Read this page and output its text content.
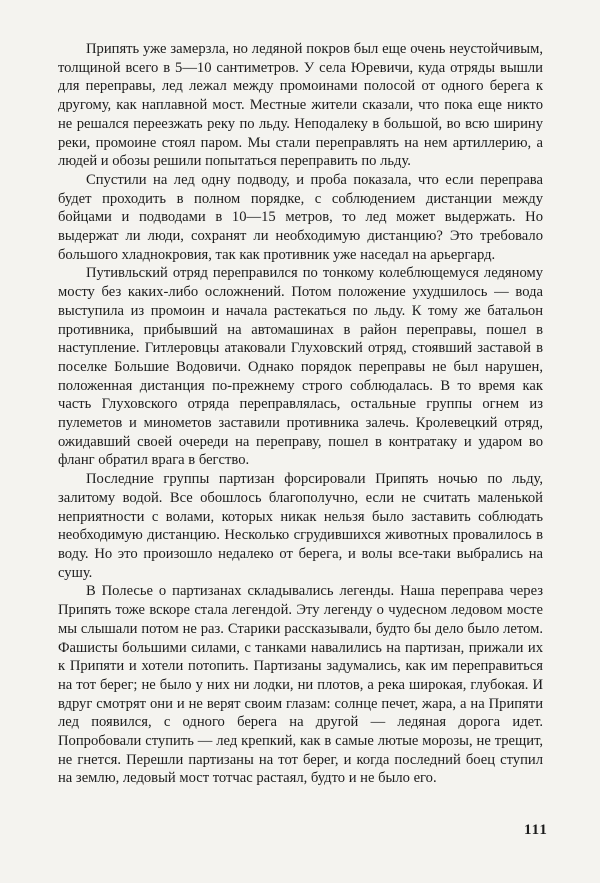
Припять уже замерзла, но ледяной покров был еще очень неустойчивым, толщиной всего в 5—10 сантиметров. У села Юревичи, куда отряды вышли для переправы, лед лежал между промоинами полосой от одного берега к другому, как наплавной мост. Местные жители сказали, что пока еще никто не решался переезжать реку по льду. Неподалеку в большой, во всю ширину реки, промоине стоял паром. Мы стали переправлять на нем артиллерию, а людей и обозы решили попытаться переправить по льду.

Спустили на лед одну подводу, и проба показала, что если переправа будет проходить в полном порядке, с соблюдением дистанции между бойцами и подводами в 10—15 метров, то лед может выдержать. Но выдержат ли люди, сохранят ли необходимую дистанцию? Это требовало большого хладнокровия, так как противник уже наседал на арьергард.

Путивльский отряд переправился по тонкому колеблющемуся ледяному мосту без каких-либо осложнений. Потом положение ухудшилось — вода выступила из промоин и начала растекаться по льду. К тому же батальон противника, прибывший на автомашинах в район переправы, пошел в наступление. Гитлеровцы атаковали Глуховский отряд, стоявший заставой в поселке Большие Водовичи. Однако порядок переправы не был нарушен, положенная дистанция по-прежнему строго соблюдалась. В то время как часть Глуховского отряда переправлялась, остальные группы огнем из пулеметов и минометов заставили противника залечь. Кролевецкий отряд, ожидавший своей очереди на переправу, пошел в контратаку и ударом во фланг обратил врага в бегство.

Последние группы партизан форсировали Припять ночью по льду, залитому водой. Все обошлось благополучно, если не считать маленькой неприятности с волами, которых никак нельзя было заставить соблюдать необходимую дистанцию. Несколько сгрудившихся животных провалилось в воду. Но это произошло недалеко от берега, и волы все-таки выбрались на сушу.

В Полесье о партизанах складывались легенды. Наша переправа через Припять тоже вскоре стала легендой. Эту легенду о чудесном ледовом мосте мы слышали потом не раз. Старики рассказывали, будто бы дело было летом. Фашисты большими силами, с танками навалились на партизан, прижали их к Припяти и хотели потопить. Партизаны задумались, как им переправиться на тот берег; не было у них ни лодки, ни плотов, а река широкая, глубокая. И вдруг смотрят они и не верят своим глазам: солнце печет, жара, а на Припяти лед появился, с одного берега на другой — ледяная дорога идет. Попробовали ступить — лед крепкий, как в самые лютые морозы, не трещит, не гнется. Перешли партизаны на тот берег, и когда последний боец ступил на землю, ледовый мост тотчас растаял, будто и не было его.

111
